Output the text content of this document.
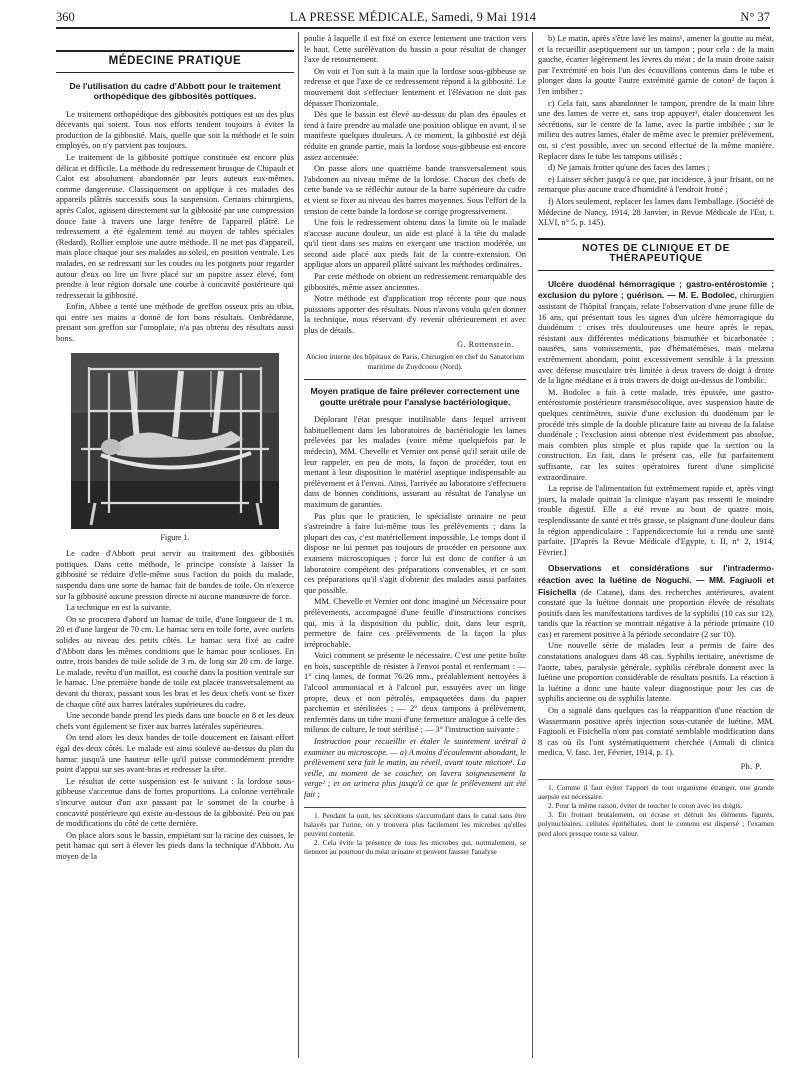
360	LA PRESSE MÉDICALE, Samedi, 9 Mai 1914	N° 37
MÉDECINE PRATIQUE
De l'utilisation du cadre d'Abbott pour le traitement orthopédique des gibbosités pottiques.

Le traitement orthopédique des gibbosités pottiques est un des plus décevants qui soient. Tous nos efforts tendent toujours à éviter la production de la gibbosité. Mais, quelle que soit la méthode et le soin employés, on n'y parvient pas toujours.

Le traitement de la gibbosité pottique constituée est encore plus délicat et difficile. La méthode du redressement brusque de Chipault et Calot est absolument abandonnée par leurs auteurs eux-mêmes, comme dangereuse. Classiquement on applique à ces malades des appareils plâtrés successifs sous la suspension. Certains chirurgiens, après Calot, agissent directement sur la gibbosité par une compression douce faite à travers une large fenêtre de l'appareil plâtré. Le redressement a été également tenté au moyen de tables spéciales (Redard). Rollier emploie une autre méthode. Il ne met pas d'appareil, mais place chaque jour ses malades au soleil, en position ventrale. Les malades, en se redressant sur les coudes ou les poignets pour regarder autour d'eux ou lire un livre placé sur un pupitre assez élevé, font prendre à leur région dorsale une courbe à concavité postérieure qui redresserait la gibbosité.

Enfin, Abbee a tenté une méthode de greffon osseux pris au tibia, qui entre ses mains a donné de fort bons résultats. Ombrédanne, prenant son greffon sur l'omoplate, n'a pas obtenu des résultats aussi bons.

Figure 1.

Le cadre d'Abbott peut servir au traitement des gibbosités pottiques. Dans cette méthode, le principe consiste à laisser la gibbosité se réduire d'elle-même sous l'action du poids du malade, suspendu dans une sorte de hamac fait de bandes de toile. On n'exerce sur la gibbosité aucune pression directe ni aucune manœuvre de force.

La technique en est la suivante.

On se procurera d'abord un hamac de toile, d'une longueur de 1 m. 20 et d'une largeur de 70 cm. Le hamac sera en toile forte, avec ourlets solides au niveau des petits côtés. Le hamac sera fixé au cadre d'Abbott dans les mêmes conditions que le hamac pour scolioses. En outre, trois bandes de toile solide de 3 m. de long sur 20 cm. de large. Le malade, revêtu d'un maillot, est couché dans la position ventrale sur le hamac. Une première bande de toile est placée transversalement au devant du thorax, passant sous les bras et les deux chefs vont se fixer de chaque côté aux barres latérales supérieures du cadre.

Une seconde bande prend les pieds dans une boucle en 8 et les deux chefs vont également se fixer aux barres latérales supérieures.

On tend alors les deux bandes de toile doucement en faisant effort égal des deux côtés. Le malade est ainsi soulevé au-dessus du plan du hamac jusqu'à une hauteur telle qu'il puisse commodément prendre point d'appui sur ses avant-bras et redresser la tête.

Le résultat de cette suspension est le suivant : la lordose sous-gibbeuse s'accentue dans de fortes proportions. La colonne vertébrale s'incurve autour d'un axe passant par le sommet de la courbe à concavité postérieure qui existe au-dessous de la gibbosité. Peu ou pas de modifications du côté de cette dernière.

On place alors sous le bassin, empiétant sur la racine des cuisses, le petit hamac qui sert à élever les pieds dans la technique d'Abbott. Au moyen de la

poulie à laquelle il est fixé on exerce lentement une traction vers le haut. Cette surélévation du bassin a pour résultat de changer l'axe de retournement.

On voit et l'on suit à la main que la lordose sous-gibbeuse se redresse et que l'axe de ce redressement répond à la gibbosité. Le mouvement doit s'effectuer lentement et l'élévation ne doit pas dépasser l'horizontale.

Dès que le bassin est élevé au-dessus du plan des épaules et tend à faire prendre au malade une position oblique en avant, il se manifeste quelques douleurs. A ce moment, la gibbosité est déjà réduite en grande partie, mais la lordose sous-gibbeuse est encore assez accentuée.

On passe alors une quatrième bande transversalement sous l'abdomen au niveau même de la lordose. Chacun des chefs de cette bande va se réfléchir autour de la barre supérieure du cadre et vient se fixer au niveau des barres moyennes. Sous l'effort de la tension de cette bande la lordose se corrige progressivement.

Une fois le redressement obtenu dans la limite où le malade n'accuse aucune douleur, un aide est placé à la tête du malade qu'il tient dans ses mains en exerçant une traction modérée, un second aide placé aux pieds fait de la contre-extension. On applique alors un appareil plâtré suivant les méthodes ordinaires.

Par cette méthode on obtient un redressement remarquable des gibbosités, même assez anciennes.

Notre méthode est d'application trop récente pour que nous puissions apporter des résultats. Nous n'avons voulu qu'en donner la technique, nous réservant d'y revenir ultérieurement et avec plus de détails.

G. Rottenstein.
Ancien interne des hôpitaux de Paris, Chirurgien en chef du Sanatorium maritime de Zuydcoote (Nord).
Moyen pratique de faire prélever correctement une goutte urétrale pour l'analyse bactériologique.

Déplorant l'état presque inutilisable dans lequel arrivent habituellement dans les laboratoires de bactériologie les lames prélevées par les malades (voire même quelquefois par le médecin), MM. Chevelle et Vernier ont pensé qu'il serait utile de leur rappeler, en peu de mots, la façon de procéder, tout en mettant à leur disposition le matériel aseptique indispensable au prélèvement et à l'envoi. Ainsi, l'arrivée au laboratoire s'effectuera dans de bonnes conditions, assurant au résultat de l'analyse un maximum de garanties.

Pas plus que le praticien, le spécialiste urinaire ne peut s'astreindre à faire lui-même tous les prélèvements ; dans la plupart des cas, c'est matériellement impossible. Le temps dont il dispose ne lui permet pas toujours de procéder en personne aux examens microscopiques ; force lui est donc de confier à un laboratoire compétent des préparations convenables, et ce sont ces préparations qu'il s'agit d'obtenir des malades aussi parfaites que possible.

MM. Chevelle et Vernier ont donc imaginé un Nécessaire pour prélèvements, accompagné d'une feuille d'instructions concises qui, mis à la disposition du public, doit, dans leur esprit, permettre de faire ces prélèvements de la façon la plus irréprochable.

Voici comment se présente le nécessaire. C'est une petite boîte en bois, susceptible de résister à l'envoi postal et renfermant : — 1° cinq lames, de format 76/26 mm., préalablement nettoyées à l'alcool ammoniacal et à l'alcool pur, essuyées avec un linge propre, deux et non pétrolés, empaquetées dans du papier parchemin et stérilisées ; — 2° deux tampons à prélèvement, renfermés dans un tube muni d'une fermeture analogue à celle des milieux de culture, le tout stérilisé ; — 3° l'instruction suivante :

Instruction pour recueillir et étaler le suintement urétral à examiner au microscope. — a) A moins d'écoulement abondant, le prélèvement sera fait le matin, au réveil, avant toute miction¹. La veille, au moment de se coucher, on lavera soigneusement la verge² ; et on urinera plus jusqu'à ce que le prélèvement ait été fait ;

1. Pendant la nuit, les sécrétions s'accumulant dans le canal sans être balayés par l'urine, on y trouvera plus facilement les microbes qu'elles peuvent contenir.

2. Cela évite la présence de tous les microbes qui, normalement, se tiennent au pourtour du méat urinaire et peuvent fausser l'analyse

b) Le matin, après s'être lavé les mains¹, amener la goutte au méat, et la recueillir aseptiquement sur un tampon ; pour cela : de la main gauche, écarter légèrement les lèvres du méat ; de la main droite saisir par l'extrémité en bois l'un des écouvillons contenus dans le tube et plonger dans la goutte l'autre extrémité garnie de coton² de façon à l'en imbiber ;

c) Cela fait, sans abandonner le tampon, prendre de la main libre une des lames de verre et, sans trop appuyer³, étaler doucement les sécrétions, sur le centre de la lame, avec la partie imbibée ; sur le milieu des autres lames, étaler de même avec le premier prélèvement, ou, si c'est possible, avec un second effectué de la même manière. Replacer dans le tube les tampons utilisés ;

d) Ne jamais frotter qu'une des faces des lames ;

e) Laisser sécher jusqu'à ce que, par incidence, à jour frisant, on ne remarque plus aucune trace d'humidité à l'endroit frotté ;

f) Alors seulement, replacer les lames dans l'emballage. (Société de Médecine de Nancy, 1914, 28 Janvier, in Revue Médicale de l'Est, t. XLVI, n° 5, p. 145).

NOTES DE CLINIQUE ET DE THÉRAPEUTIQUE

Ulcère duodénal hémorragique ; gastro-entérostomie ; exclusion du pylore ; guérison. — M. E. Bodolec, chirurgien assistant de l'hôpital français, relate l'observation d'une jeune fille de 16 ans, qui présentait tous les signes d'un ulcère hémorragique du duodénum : crises très douloureuses une heure après le repas, résistant aux différentes médications bismuthée et bicarbonatée ; nausées, sans vomissements, pas d'hématémèses, mais melæna extrêmement abondant, point excessivement sensible à la pression avec défense musculaire très limitée à deux travers de doigt à droite de la ligne médiane et à trois travers de doigt au-dessus de l'ombilic.

M. Bodolec a fait à cette malade, très épuisée, une gastro-entérostomie postérieure transmésocolique, avec suspension haute de quelques centimètres, suivie d'une exclusion du duodénum par le procédé très simple de la double plicature faite au niveau de la falaise duodénale ; l'exclusion ainsi obtenue n'est évidemment pas absolue, mais combien plus simple et plus rapide que la section ou la construction. En fait, dans le présent cas, elle fut parfaitement suffisante, car les suites opératoires furent d'une simplicité extraordinaire.

La reprise de l'alimentation fut extrêmement rapide et, après vingt jours, la malade quittait la clinique n'ayant pas ressenti le moindre trouble digestif. Elle a été revue au bout de quatre mois, resplendissante de santé et très grasse, se plaignant d'une douleur dans la région appendiculaire : l'appendicectomie lui a rendu une santé parfaite. [D'après la Revue Médicale d'Egypte, t. II, n° 2, 1914, Février.]

Observations et considérations sur l'intradermo-réaction avec la luétine de Noguchi. — MM. Fagiuoli et Fisichella (de Catane), dans des recherches antérieures, avaient constaté que la luétine donnait une proportion élevée de résultats positifs dans les manifestations tardives de la syphilis (10 cas sur 12), tandis que la réaction se montrait négative à la période primaire (10 cas) et rarement positive à la période secondaire (2 sur 10).

Une nouvelle série de malades leur a permis de faire des constatations analogues dans 48 cas. Syphilis tertiaire, anévrisme de l'aorte, tabes, paralysie générale, syphilis cérébrale donnent avec la luétine une proportion considérable de résultats positifs. La réaction à la luétine a donc une haute valeur diagnostique pour les cas de syphilis ancienne ou de syphilis latente.

On a signalé dans quelques cas la réapparition d'une réaction de Wassermann positive après injection sous-cutanée de luétine. MM. Fagiuoli et Fisichella n'ont pas constaté semblable modification dans 8 cas où ils l'ont systématiquement cherchée (Annali di clinica medica, V. fasc. 1er, Février, 1914, p. 1).

Ph. P.

1. Comme il faut éviter l'apport de tout organisme étranger, une grande asepsie est nécessaire.

2. Pour la même raison, éviter de toucher le coton avec les doigts.

3. En frottant brutalement, on écrase et détruit les éléments figurés, polynucléaires, cellules épithéliales, dont le contenu est dispersé ; l'examen perd alors presque toute sa valeur.
